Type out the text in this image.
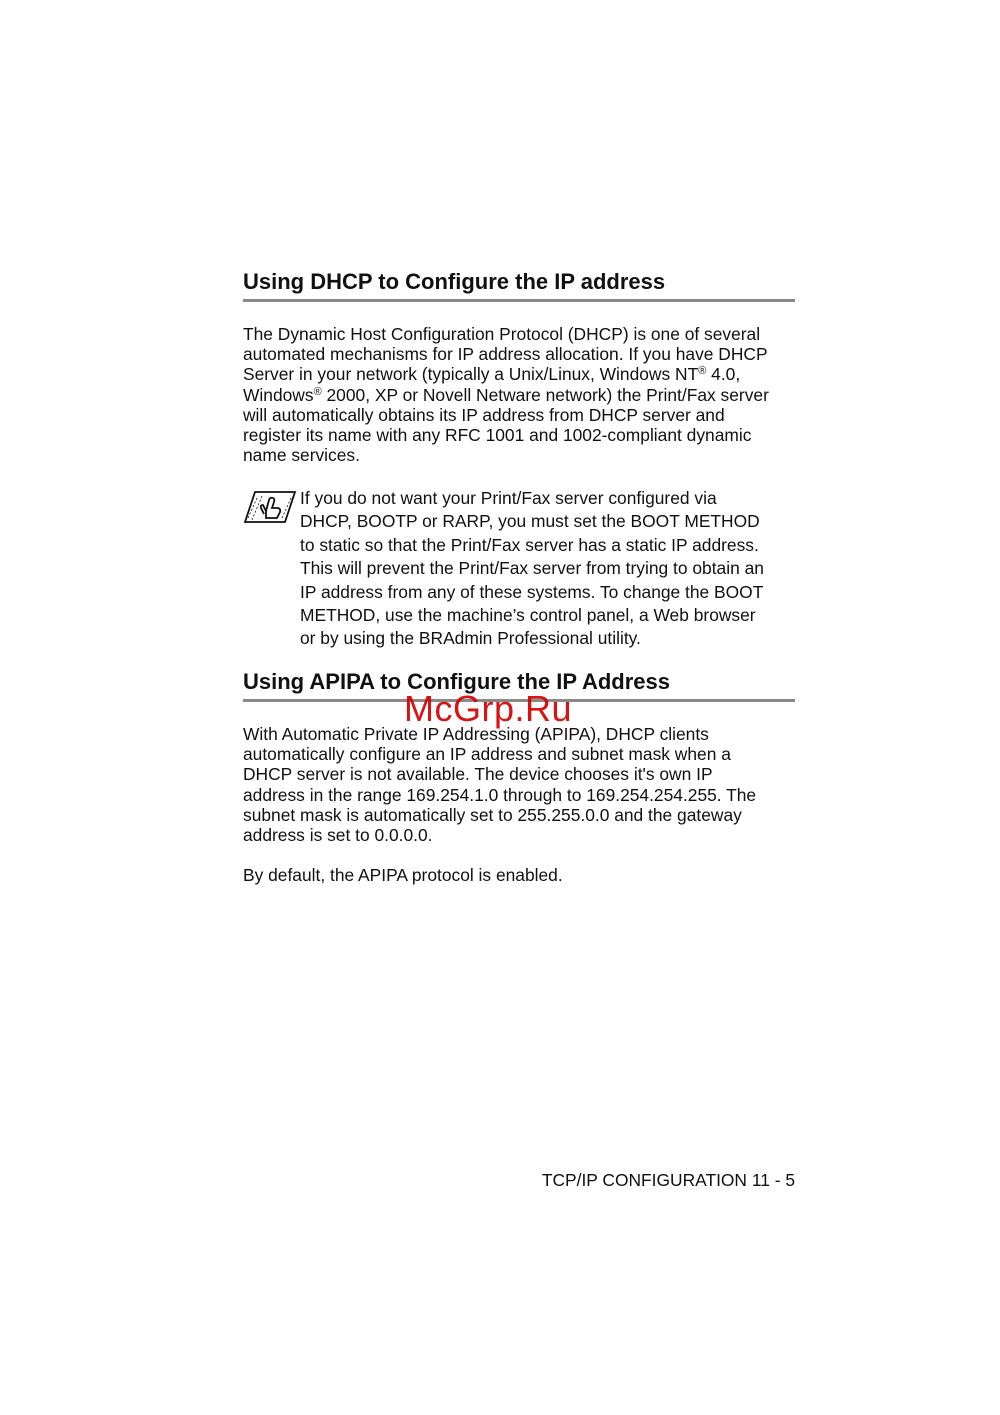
Using DHCP to Configure the IP address
The Dynamic Host Configuration Protocol (DHCP) is one of several
automated mechanisms for IP address allocation. If you have DHCP
Server in your network (typically a Unix/Linux, Windows NT® 4.0,
Windows® 2000, XP or Novell Netware network) the Print/Fax server
will automatically obtains its IP address from DHCP server and
register its name with any RFC 1001 and 1002-compliant dynamic
name services.
If you do not want your Print/Fax server configured via
DHCP, BOOTP or RARP, you must set the BOOT METHOD
to static so that the Print/Fax server has a static IP address.
This will prevent the Print/Fax server from trying to obtain an
IP address from any of these systems. To change the BOOT
METHOD, use the machine’s control panel, a Web browser
or by using the BRAdmin Professional utility.
Using APIPA to Configure the IP Address
McGrp.Ru
With Automatic Private IP Addressing (APIPA), DHCP clients
automatically configure an IP address and subnet mask when a
DHCP server is not available. The device chooses it's own IP
address in the range 169.254.1.0 through to 169.254.254.255. The
subnet mask is automatically set to 255.255.0.0 and the gateway
address is set to 0.0.0.0.
By default, the APIPA protocol is enabled.
TCP/IP CONFIGURATION 11 - 5
